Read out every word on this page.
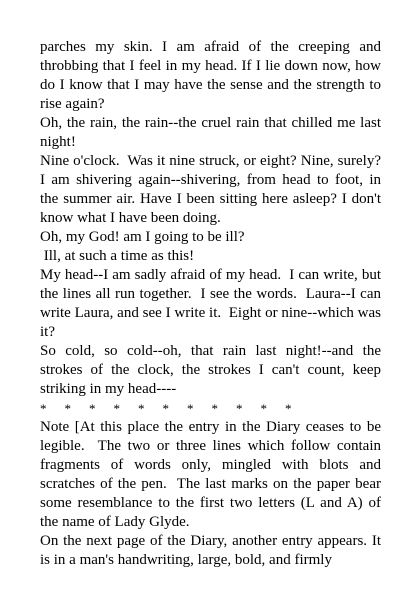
parches my skin. I am afraid of the creeping and throbbing that I feel in my head. If I lie down now, how do I know that I may have the sense and the strength to rise again?

Oh, the rain, the rain--the cruel rain that chilled me last night!

Nine o'clock.  Was it nine struck, or eight? Nine, surely? I am shivering again--shivering, from head to foot, in the summer air. Have I been sitting here asleep? I don't know what I have been doing.

Oh, my God! am I going to be ill?

Ill, at such a time as this!

My head--I am sadly afraid of my head.  I can write, but the lines all run together.  I see the words.  Laura--I can write Laura, and see I write it.  Eight or nine--which was it?

So cold, so cold--oh, that rain last night!--and the strokes of the clock, the strokes I can't count, keep striking in my head----

*    *    *    *    *    *    *    *    *    *    *

Note [At this place the entry in the Diary ceases to be legible.  The two or three lines which follow contain fragments of words only, mingled with blots and scratches of the pen.  The last marks on the paper bear some resemblance to the first two letters (L and A) of the name of Lady Glyde.

On the next page of the Diary, another entry appears. It is in a man's handwriting, large, bold, and firmly
